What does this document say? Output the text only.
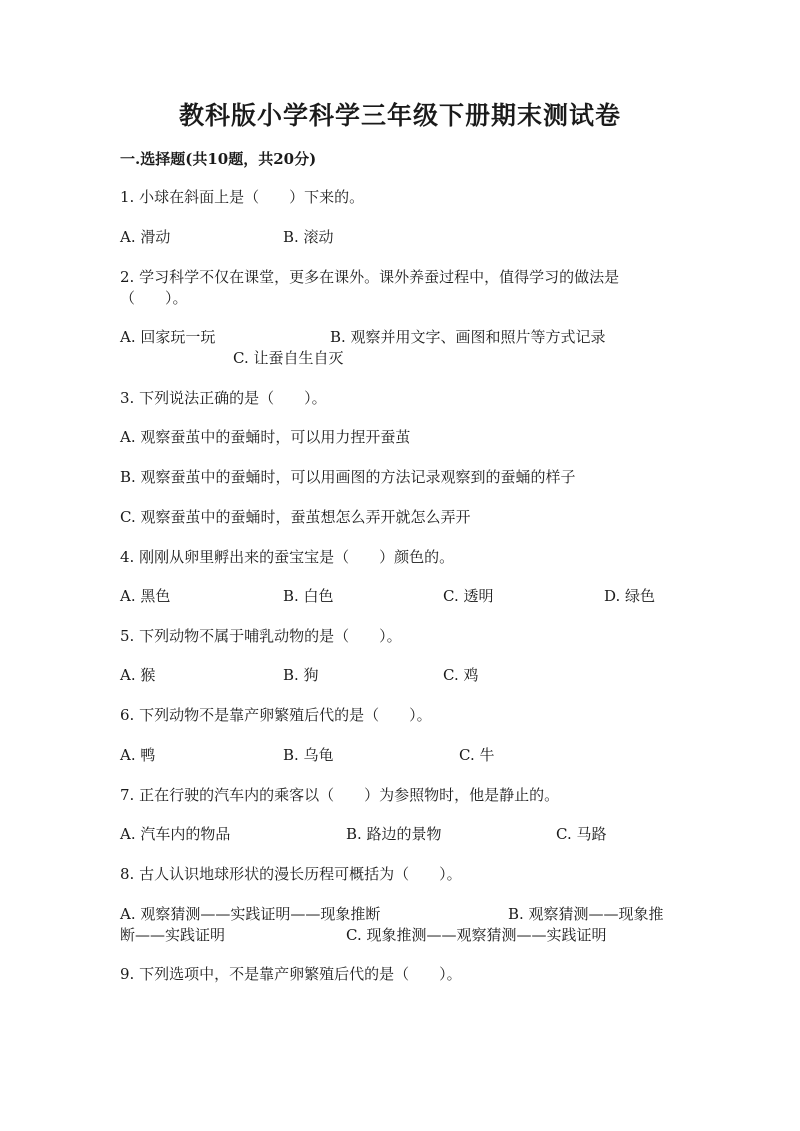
教科版小学科学三年级下册期末测试卷
一.选择题(共10题，共20分)
1. 小球在斜面上是（　　）下来的。
A. 滑动	B. 滚动
2. 学习科学不仅在课堂，更多在课外。课外养蚕过程中，值得学习的做法是
（　　）。
A. 回家玩一玩	B. 观察并用文字、画图和照片等方式记录
C. 让蚕自生自灭
3. 下列说法正确的是（　　）。
A. 观察蚕茧中的蚕蛹时，可以用力捏开蚕茧
B. 观察蚕茧中的蚕蛹时，可以用画图的方法记录观察到的蚕蛹的样子
C. 观察蚕茧中的蚕蛹时，蚕茧想怎么弄开就怎么弄开
4. 刚刚从卵里孵出来的蚕宝宝是（　　）颜色的。
A. 黑色	B. 白色	C. 透明	D. 绿色
5. 下列动物不属于哺乳动物的是（　　）。
A. 猴	B. 狗	C. 鸡
6. 下列动物不是靠产卵繁殖后代的是（　　）。
A. 鸭	B. 乌龟	C. 牛
7. 正在行驶的汽车内的乘客以（　　）为参照物时，他是静止的。
A. 汽车内的物品	B. 路边的景物	C. 马路
8. 古人认识地球形状的漫长历程可概括为（　　）。
A. 观察猜测——实践证明——现象推断	B. 观察猜测——现象推
断——实践证明	C. 现象推测——观察猜测——实践证明
9. 下列选项中，不是靠产卵繁殖后代的是（　　）。
